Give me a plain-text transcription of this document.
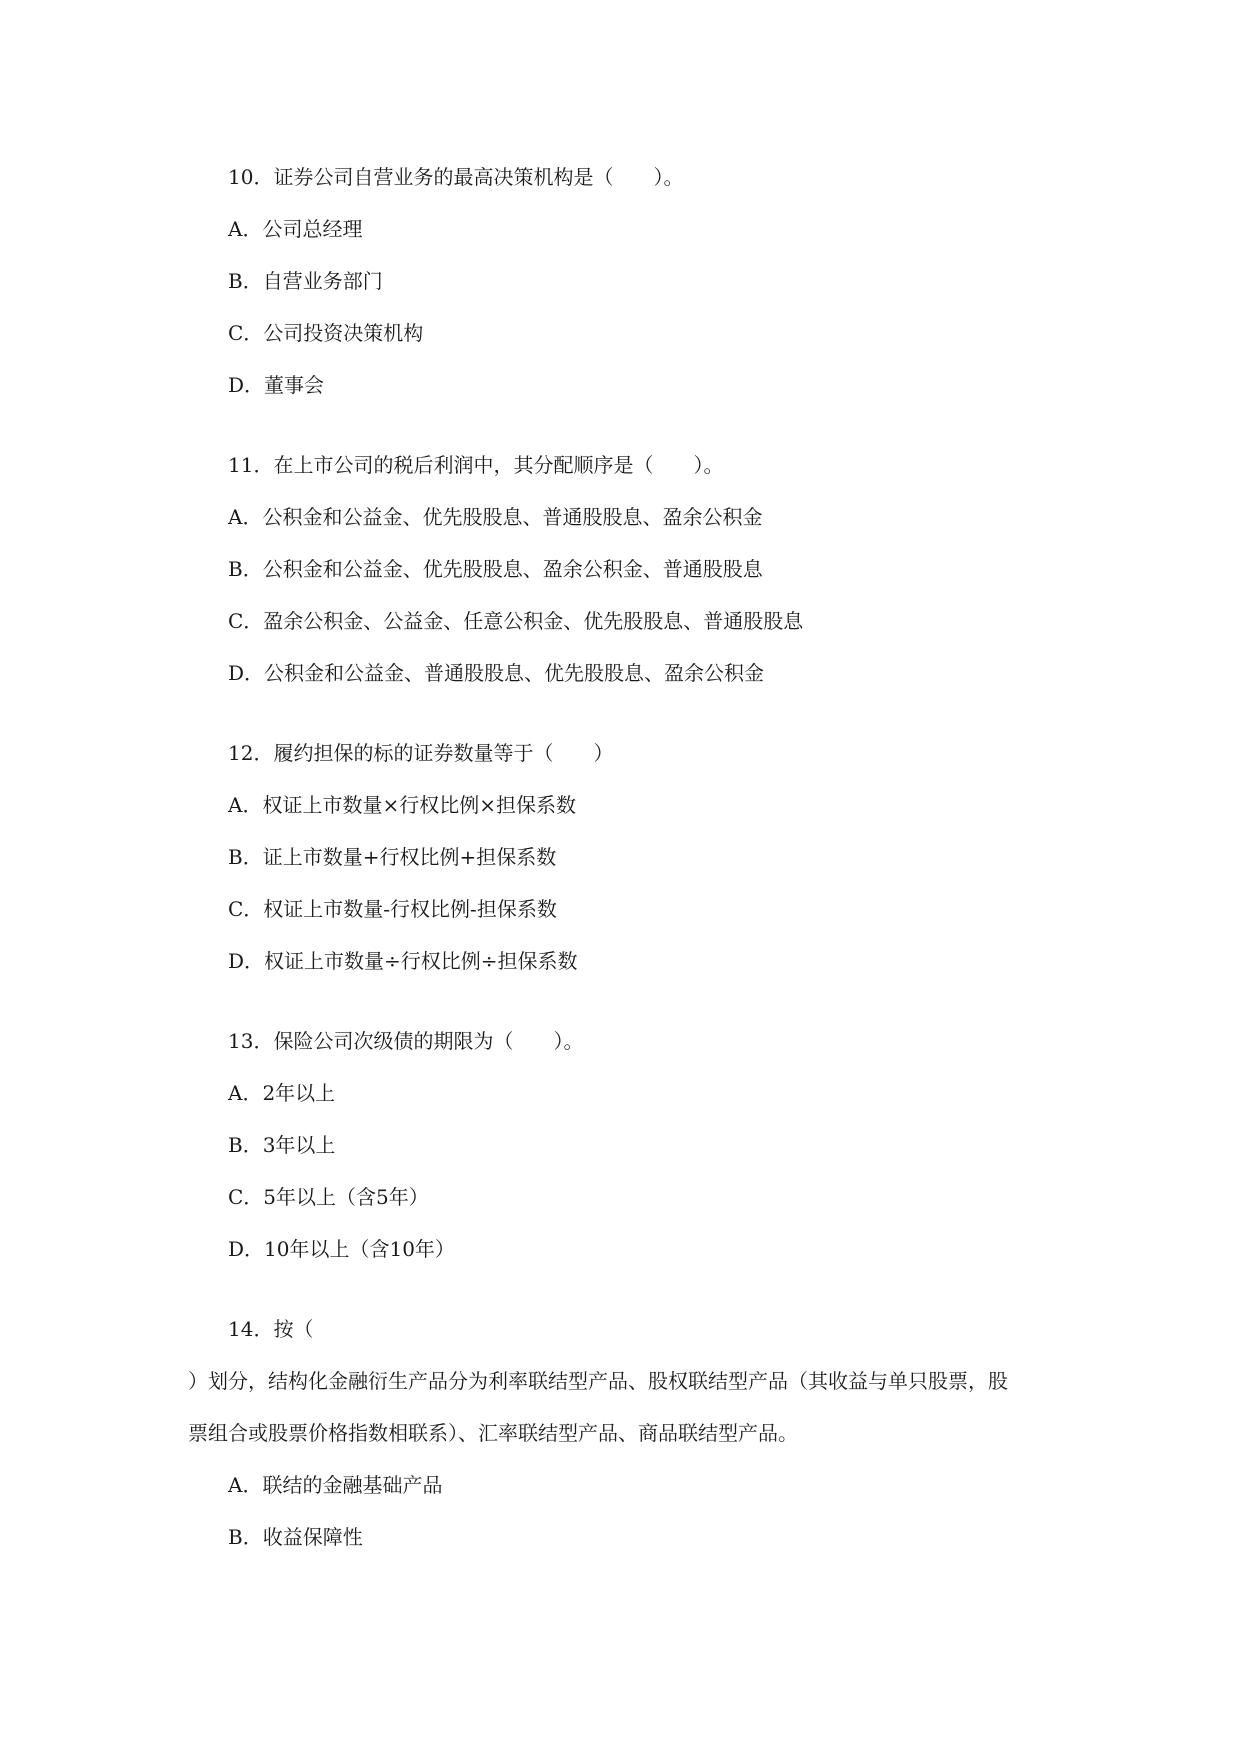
10．证券公司自营业务的最高决策机构是（　　）。
A．公司总经理
B．自营业务部门
C．公司投资决策机构
D．董事会
11．在上市公司的税后利润中，其分配顺序是（　　）。
A．公积金和公益金、优先股股息、普通股股息、盈余公积金
B．公积金和公益金、优先股股息、盈余公积金、普通股股息
C．盈余公积金、公益金、任意公积金、优先股股息、普通股股息
D．公积金和公益金、普通股股息、优先股股息、盈余公积金
12．履约担保的标的证券数量等于（　　）
A．权证上市数量×行权比例×担保系数
B．证上市数量+行权比例+担保系数
C．权证上市数量-行权比例-担保系数
D．权证上市数量÷行权比例÷担保系数
13．保险公司次级债的期限为（　　）。
A．2年以上
B．3年以上
C．5年以上（含5年）
D．10年以上（含10年）
14．按（
）划分，结构化金融衍生产品分为利率联结型产品、股权联结型产品（其收益与单只股票，股
票组合或股票价格指数相联系）、汇率联结型产品、商品联结型产品。
A．联结的金融基础产品
B．收益保障性
